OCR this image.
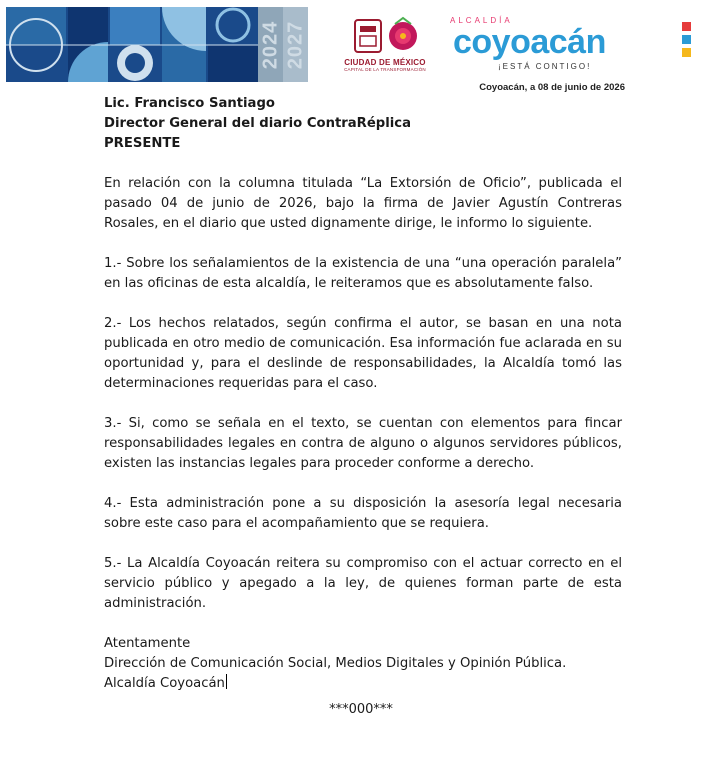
2024 2027	CIUDAD DE MÉXICO
CAPITAL DE LA TRANSFORMACIÓN
ALCALDÍA
coyoacán
¡ESTÁ CONTIGO!
Coyoacán, a 08 de junio de 2026
Lic. Francisco Santiago
Director General del diario ContraRéplica
PRESENTE
En relación con la columna titulada “La Extorsión de Oficio”, publicada el pasado 04 de junio de 2026, bajo la firma de Javier Agustín Contreras Rosales, en el diario que usted dignamente dirige, le informo lo siguiente.
1.- Sobre los señalamientos de la existencia de una “una operación paralela” en las oficinas de esta alcaldía, le reiteramos que es absolutamente falso.
2.- Los hechos relatados, según confirma el autor, se basan en una nota publicada en otro medio de comunicación. Esa información fue aclarada en su oportunidad y, para el deslinde de responsabilidades, la Alcaldía tomó las determinaciones requeridas para el caso.
3.- Si, como se señala en el texto, se cuentan con elementos para fincar responsabilidades legales en contra de alguno o algunos servidores públicos, existen las instancias legales para proceder conforme a derecho.
4.- Esta administración pone a su disposición la asesoría legal necesaria sobre este caso para el acompañamiento que se requiera.
5.- La Alcaldía Coyoacán reitera su compromiso con el actuar correcto en el servicio público y apegado a la ley, de quienes forman parte de esta administración.
Atentamente
Dirección de Comunicación Social, Medios Digitales y Opinión Pública.
Alcaldía Coyoacán
***000***
